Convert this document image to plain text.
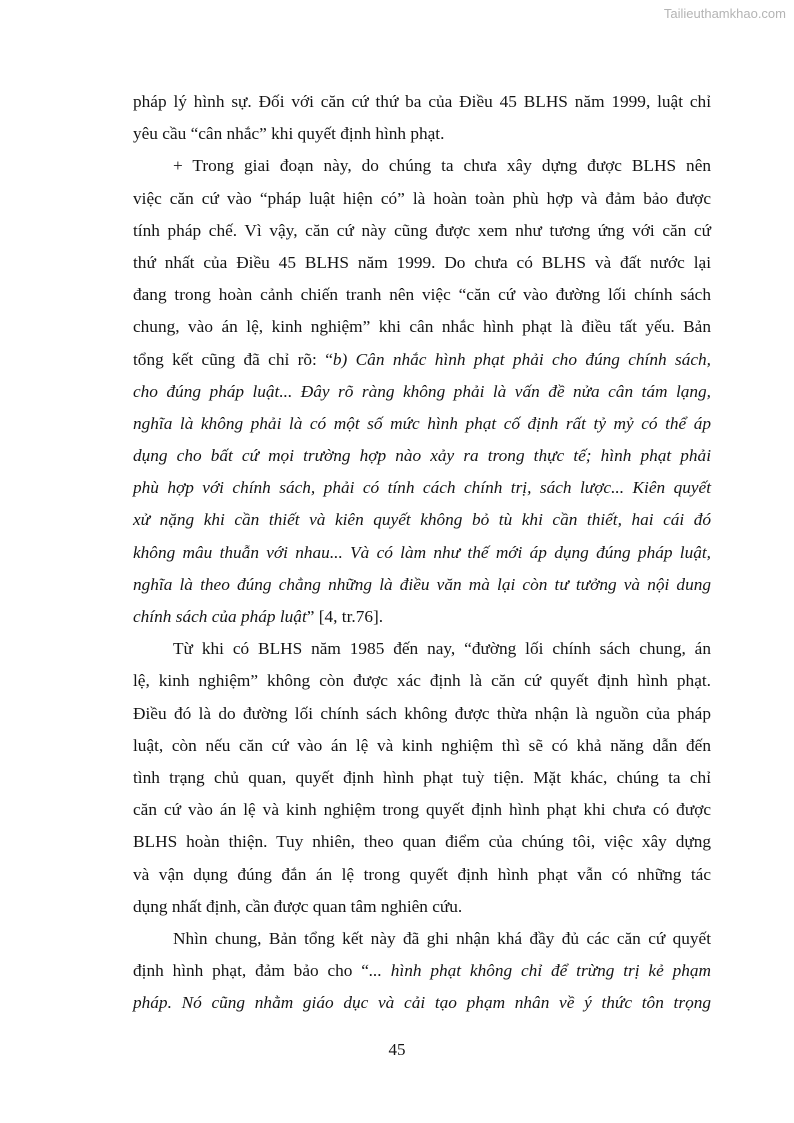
Tailieuthamkhao.com
pháp lý hình sự. Đối với căn cứ thứ ba của Điều 45 BLHS năm 1999, luật chỉ
yêu cầu “cân nhắc” khi quyết định hình phạt.
+ Trong giai đoạn này, do chúng ta chưa xây dựng được BLHS nên
việc căn cứ vào “pháp luật hiện có” là hoàn toàn phù hợp và đảm bảo được
tính pháp chế. Vì vậy, căn cứ này cũng được xem như tương ứng với căn cứ
thứ nhất của Điều 45 BLHS năm 1999. Do chưa có BLHS và đất nước lại
đang trong hoàn cảnh chiến tranh nên việc “căn cứ vào đường lối chính sách
chung, vào án lệ, kinh nghiệm” khi cân nhắc hình phạt là điều tất yếu. Bản
tổng kết cũng đã chỉ rõ: “b) Cân nhắc hình phạt phải cho đúng chính sách,
cho đúng pháp luật... Đây rõ ràng không phải là vấn đề nửa cân tám lạng,
nghĩa là không phải là có một số mức hình phạt cố định rất tỷ mỷ có thể áp
dụng cho bất cứ mọi trường hợp nào xảy ra trong thực tế; hình phạt phải
phù hợp với chính sách, phải có tính cách chính trị, sách lược... Kiên quyết
xử nặng khi cần thiết và kiên quyết không bỏ tù khi cần thiết, hai cái đó
không mâu thuẫn với nhau... Và có làm như thế mới áp dụng đúng pháp luật,
nghĩa là theo đúng chẳng những là điều văn mà lại còn tư tưởng và nội dung
chính sách của pháp luật” [4, tr.76].
Từ khi có BLHS năm 1985 đến nay, “đường lối chính sách chung, án
lệ, kinh nghiệm” không còn được xác định là căn cứ quyết định hình phạt.
Điều đó là do đường lối chính sách không được thừa nhận là nguồn của pháp
luật, còn nếu căn cứ vào án lệ và kinh nghiệm thì sẽ có khả năng dẫn đến
tình trạng chủ quan, quyết định hình phạt tuỳ tiện. Mặt khác, chúng ta chỉ
căn cứ vào án lệ và kinh nghiệm trong quyết định hình phạt khi chưa có được
BLHS hoàn thiện. Tuy nhiên, theo quan điểm của chúng tôi, việc xây dựng
và vận dụng đúng đắn án lệ trong quyết định hình phạt vẫn có những tác
dụng nhất định, cần được quan tâm nghiên cứu.
Nhìn chung, Bản tổng kết này đã ghi nhận khá đầy đủ các căn cứ quyết
định hình phạt, đảm bảo cho “... hình phạt không chỉ để trừng trị kẻ phạm
pháp. Nó cũng nhằm giáo dục và cải tạo phạm nhân về ý thức tôn trọng
45
